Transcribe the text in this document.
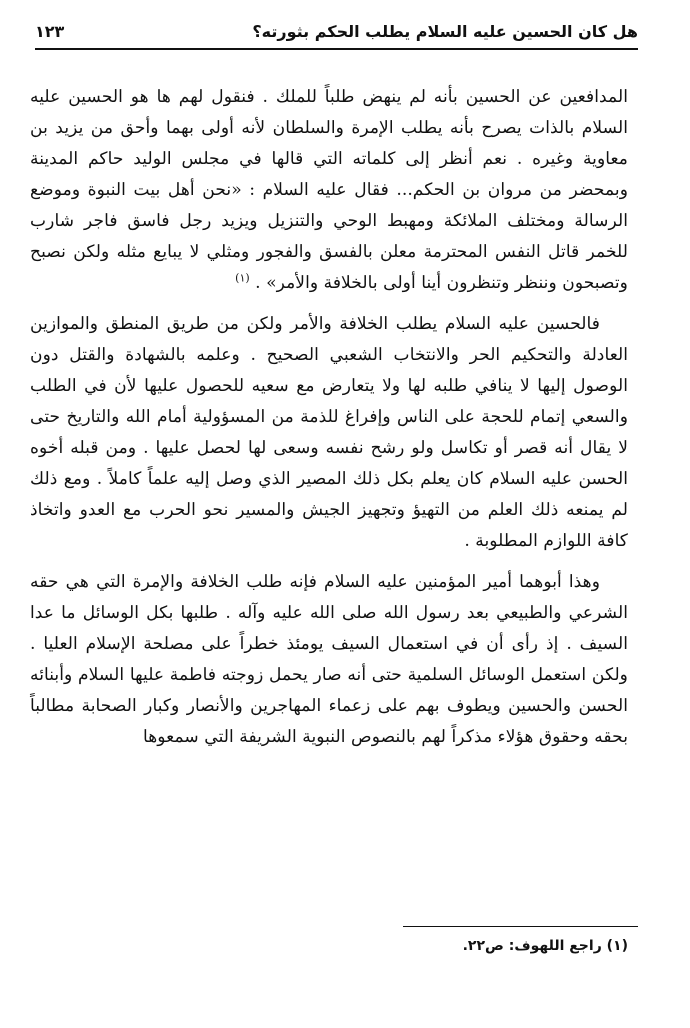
هل كان الحسين عليه السلام يطلب الحكم بثورته؟
١٢٣

المدافعين عن الحسين بأنه لم ينهض طلباً للملك . فنقول لهم ها هو الحسين عليه السلام بالذات يصرح بأنه يطلب الإمرة والسلطان لأنه أولى بهما وأحق من يزيد بن معاوية وغيره . نعم أنظر إلى كلماته التي قالها في مجلس الوليد حاكم المدينة وبمحضر من مروان بن الحكم... فقال عليه السلام : «نحن أهل بيت النبوة وموضع الرسالة ومختلف الملائكة ومهبط الوحي والتنزيل ويزيد رجل فاسق فاجر شارب للخمر قاتل النفس المحترمة معلن بالفسق والفجور ومثلي لا يبايع مثله ولكن نصبح وتصبحون وننظر وتنظرون أينا أولى بالخلافة والأمر» . $^{(١)}$

فالحسين عليه السلام يطلب الخلافة والأمر ولكن من طريق المنطق والموازين العادلة والتحكيم الحر والانتخاب الشعبي الصحيح . وعلمه بالشهادة والقتل دون الوصول إليها لا ينافي طلبه لها ولا يتعارض مع سعيه للحصول عليها لأن في الطلب والسعي إتمام للحجة على الناس وإفراغ للذمة من المسؤولية أمام الله والتاريخ حتى لا يقال أنه قصر أو تكاسل ولو رشح نفسه وسعى لها لحصل عليها . ومن قبله أخوه الحسن عليه السلام كان يعلم بكل ذلك المصير الذي وصل إليه علماً كاملاً . ومع ذلك لم يمنعه ذلك العلم من التهيؤ وتجهيز الجيش والمسير نحو الحرب مع العدو واتخاذ كافة اللوازم المطلوبة .

وهذا أبوهما أمير المؤمنين عليه السلام فإنه طلب الخلافة والإمرة التي هي حقه الشرعي والطبيعي بعد رسول الله صلى الله عليه وآله . طلبها بكل الوسائل ما عدا السيف . إذ رأى أن في استعمال السيف يومئذ خطراً على مصلحة الإسلام العليا . ولكن استعمل الوسائل السلمية حتى أنه صار يحمل زوجته فاطمة عليها السلام وأبنائه الحسن والحسين ويطوف بهم على زعماء المهاجرين والأنصار وكبار الصحابة مطالباً بحقه وحقوق هؤلاء مذكراً لهم بالنصوص النبوية الشريفة التي سمعوها

(١) راجع اللهوف: ص٢٢.
